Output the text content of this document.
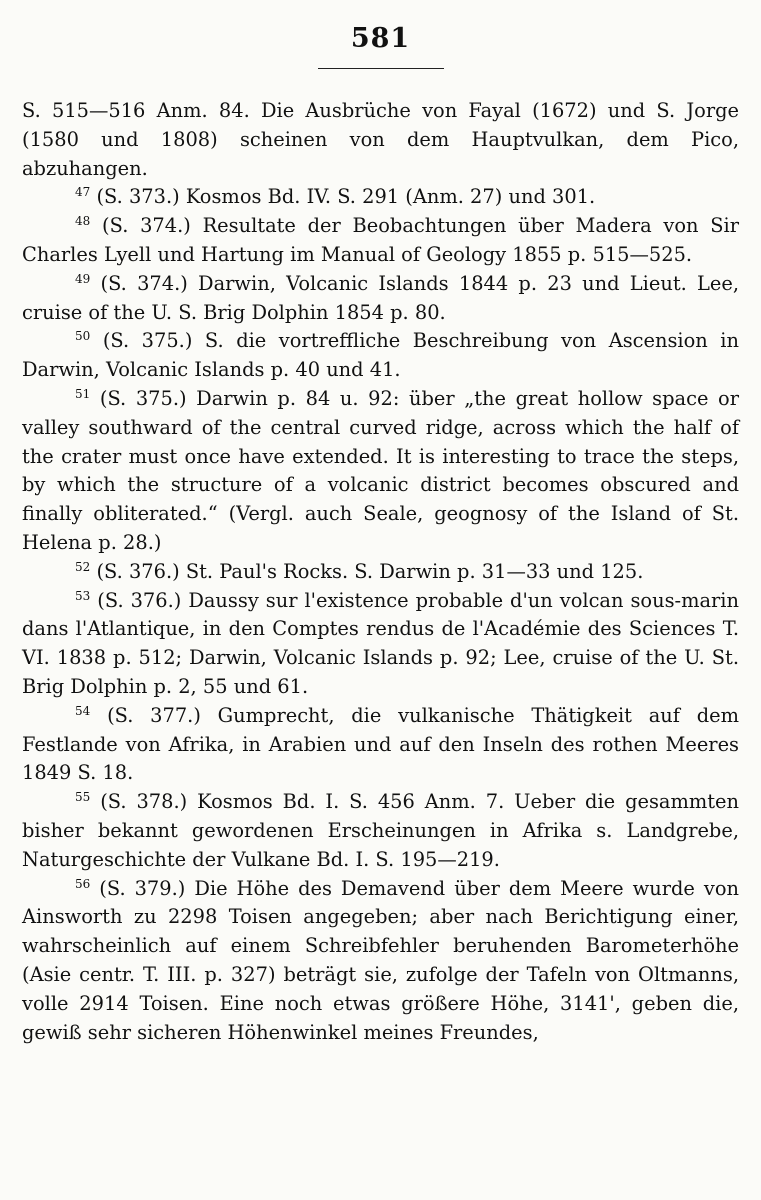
581

S. 515—516 Anm. 84. Die Ausbrüche von Fayal (1672) und S. Jorge (1580 und 1808) scheinen von dem Hauptvulkan, dem Pico, abzuhangen.

$^{47}$ (S. 373.) Kosmos Bd. IV. S. 291 (Anm. 27) und 301.

$^{48}$ (S. 374.) Resultate der Beobachtungen über Madera von Sir Charles Lyell und Hartung im Manual of Geology 1855 p. 515—525.

$^{49}$ (S. 374.) Darwin, Volcanic Islands 1844 p. 23 und Lieut. Lee, cruise of the U. S. Brig Dolphin 1854 p. 80.

$^{50}$ (S. 375.) S. die vortreffliche Beschreibung von Ascension in Darwin, Volcanic Islands p. 40 und 41.

$^{51}$ (S. 375.) Darwin p. 84 u. 92: über „the great hollow space or valley southward of the central curved ridge, across which the half of the crater must once have extended. It is interesting to trace the steps, by which the structure of a volcanic district becomes obscured and finally obliterated.“ (Vergl. auch Seale, geognosy of the Island of St. Helena p. 28.)

$^{52}$ (S. 376.) St. Paul's Rocks. S. Darwin p. 31—33 und 125.

$^{53}$ (S. 376.) Daussy sur l'existence probable d'un volcan sous-marin dans l'Atlantique, in den Comptes rendus de l'Académie des Sciences T. VI. 1838 p. 512; Darwin, Volcanic Islands p. 92; Lee, cruise of the U. St. Brig Dolphin p. 2, 55 und 61.

$^{54}$ (S. 377.) Gumprecht, die vulkanische Thätigkeit auf dem Festlande von Afrika, in Arabien und auf den Inseln des rothen Meeres 1849 S. 18.

$^{55}$ (S. 378.) Kosmos Bd. I. S. 456 Anm. 7. Ueber die gesammten bisher bekannt gewordenen Erscheinungen in Afrika s. Landgrebe, Naturgeschichte der Vulkane Bd. I. S. 195—219.

$^{56}$ (S. 379.) Die Höhe des Demavend über dem Meere wurde von Ainsworth zu 2298 Toisen angegeben; aber nach Berichtigung einer, wahrscheinlich auf einem Schreibfehler beruhenden Barometerhöhe (Asie centr. T. III. p. 327) beträgt sie, zufolge der Tafeln von Oltmanns, volle 2914 Toisen. Eine noch etwas größere Höhe, 3141', geben die, gewiß sehr sicheren Höhenwinkel meines Freundes,
